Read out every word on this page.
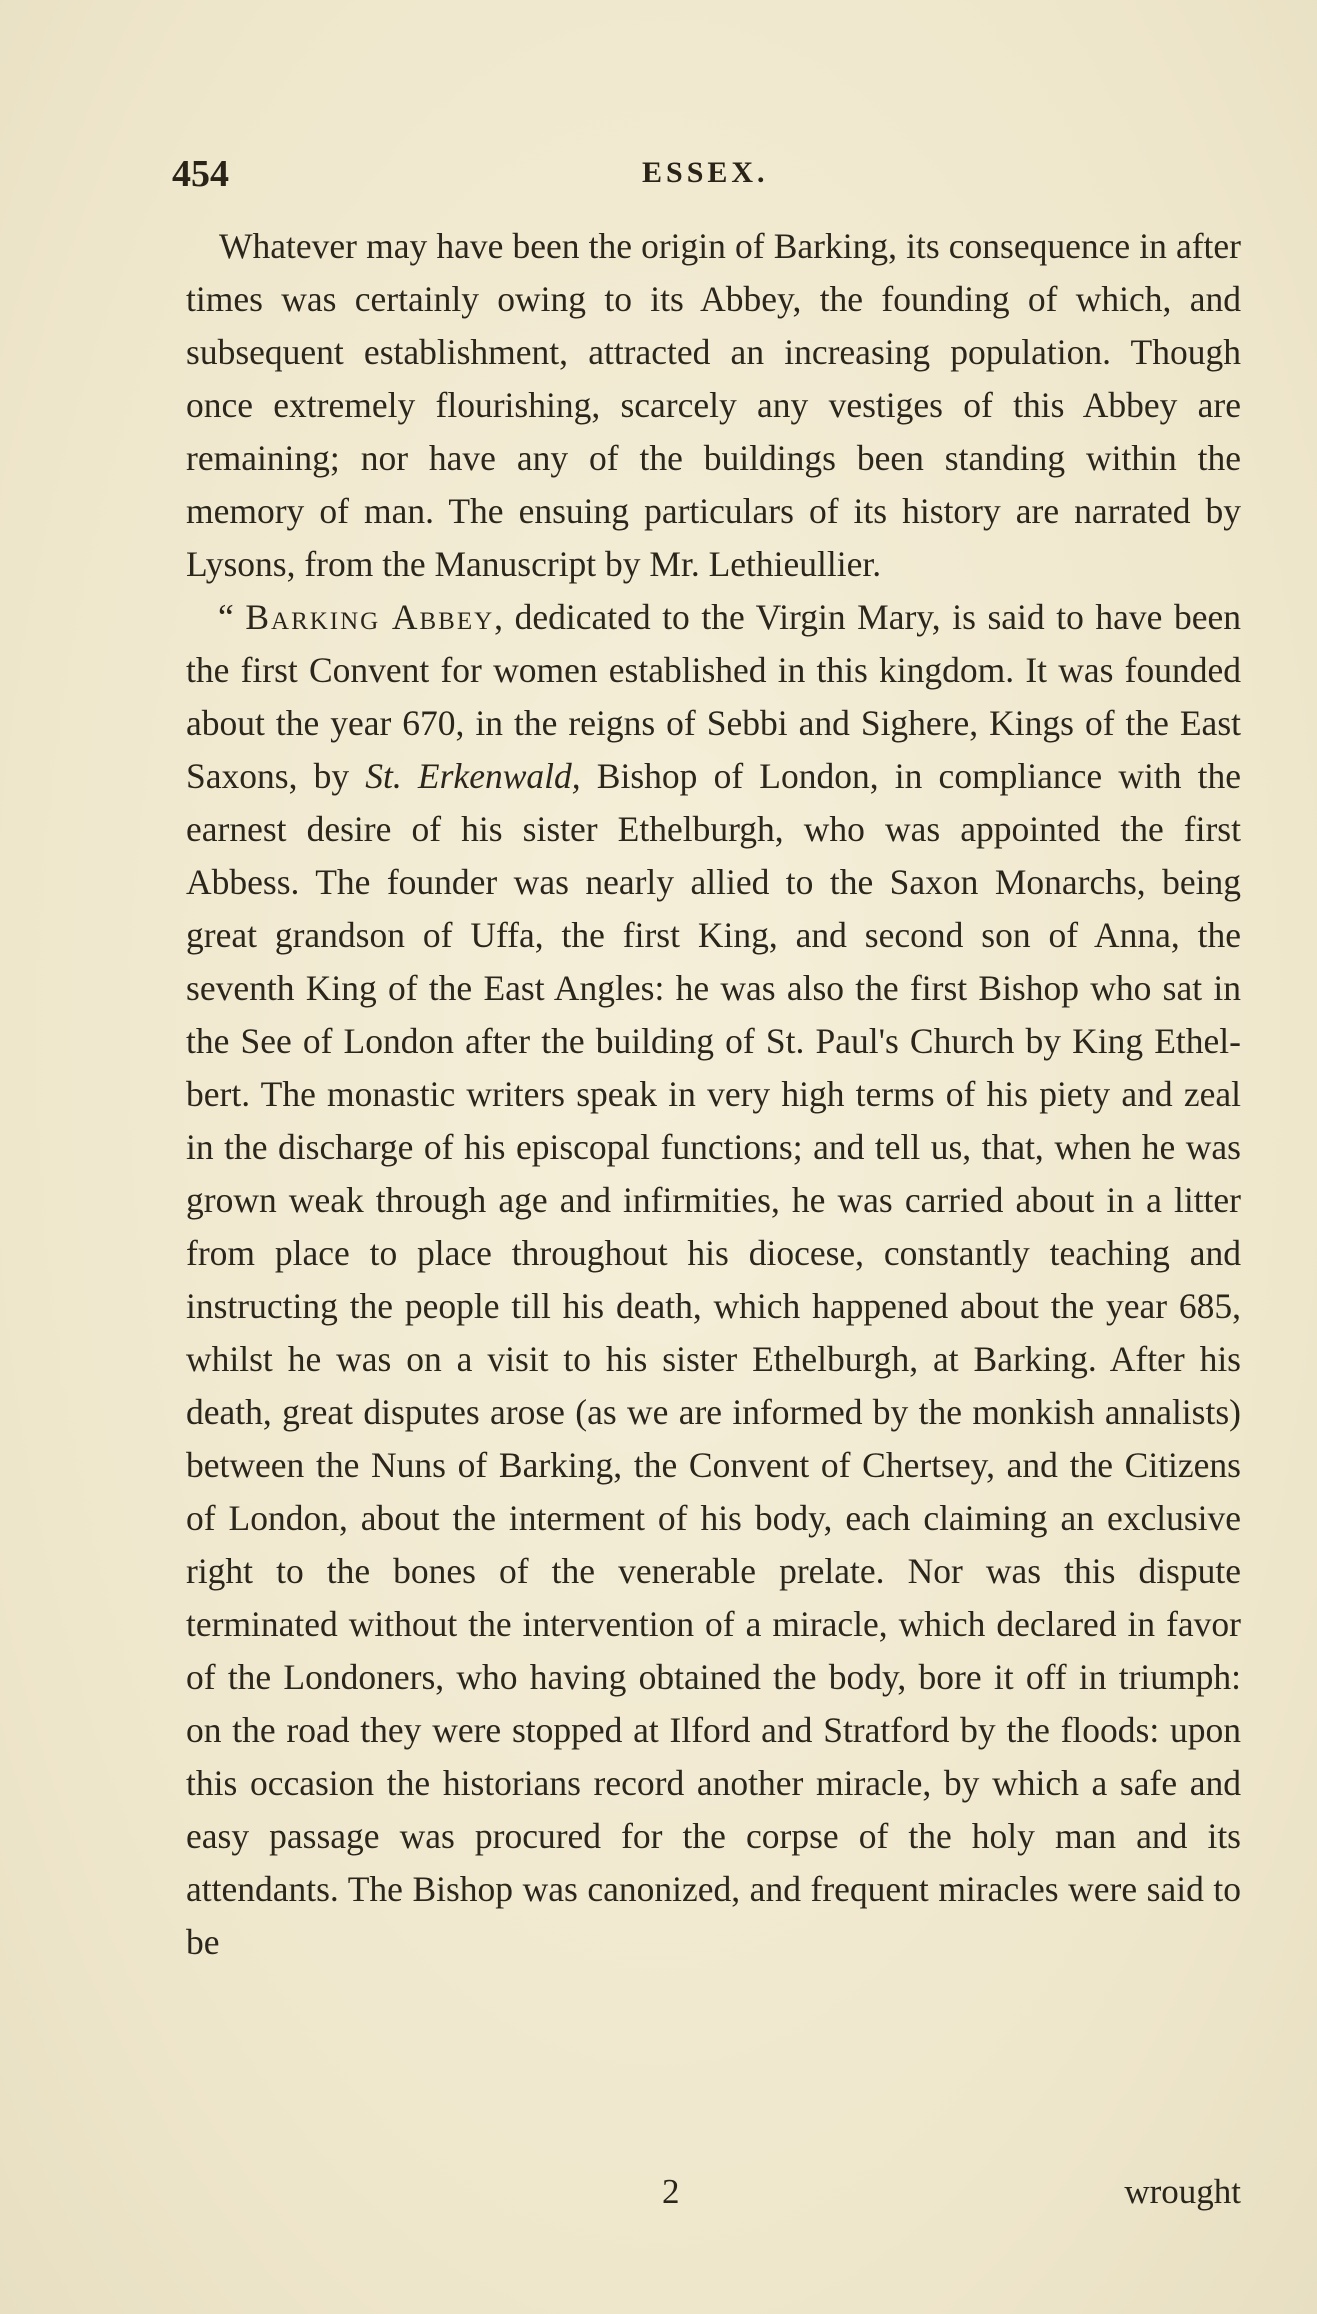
454	ESSEX.

Whatever may have been the origin of Barking, its consequence in after times was certainly owing to its Abbey, the founding of which, and subsequent establishment, attracted an increasing population. Though once extremely flourishing, scarcely any vestiges of this Abbey are remaining; nor have any of the buildings been standing within the memory of man. The ensuing particulars of its history are narrated by Lysons, from the Manuscript by Mr. Lethieullier.

“ Barking Abbey, dedicated to the Virgin Mary, is said to have been the first Convent for women established in this kingdom. It was founded about the year 670, in the reigns of Sebbi and Sighere, Kings of the East Saxons, by St. Erkenwald, Bishop of London, in compliance with the earnest desire of his sister Ethelburgh, who was appointed the first Abbess. The founder was nearly allied to the Saxon Monarchs, being great grandson of Uffa, the first King, and second son of Anna, the seventh King of the East Angles: he was also the first Bishop who sat in the See of London after the building of St. Paul's Church by King Ethelbert. The monastic writers speak in very high terms of his piety and zeal in the discharge of his episcopal functions; and tell us, that, when he was grown weak through age and infirmities, he was carried about in a litter from place to place throughout his diocese, constantly teaching and instructing the people till his death, which happened about the year 685, whilst he was on a visit to his sister Ethelburgh, at Barking. After his death, great disputes arose (as we are informed by the monkish annalists) between the Nuns of Barking, the Convent of Chertsey, and the Citizens of London, about the interment of his body, each claiming an exclusive right to the bones of the venerable prelate. Nor was this dispute terminated without the intervention of a miracle, which declared in favor of the Londoners, who having obtained the body, bore it off in triumph: on the road they were stopped at Ilford and Stratford by the floods: upon this occasion the historians record another miracle, by which a safe and easy passage was procured for the corpse of the holy man and its attendants. The Bishop was canonized, and frequent miracles were said to be

2	wrought
